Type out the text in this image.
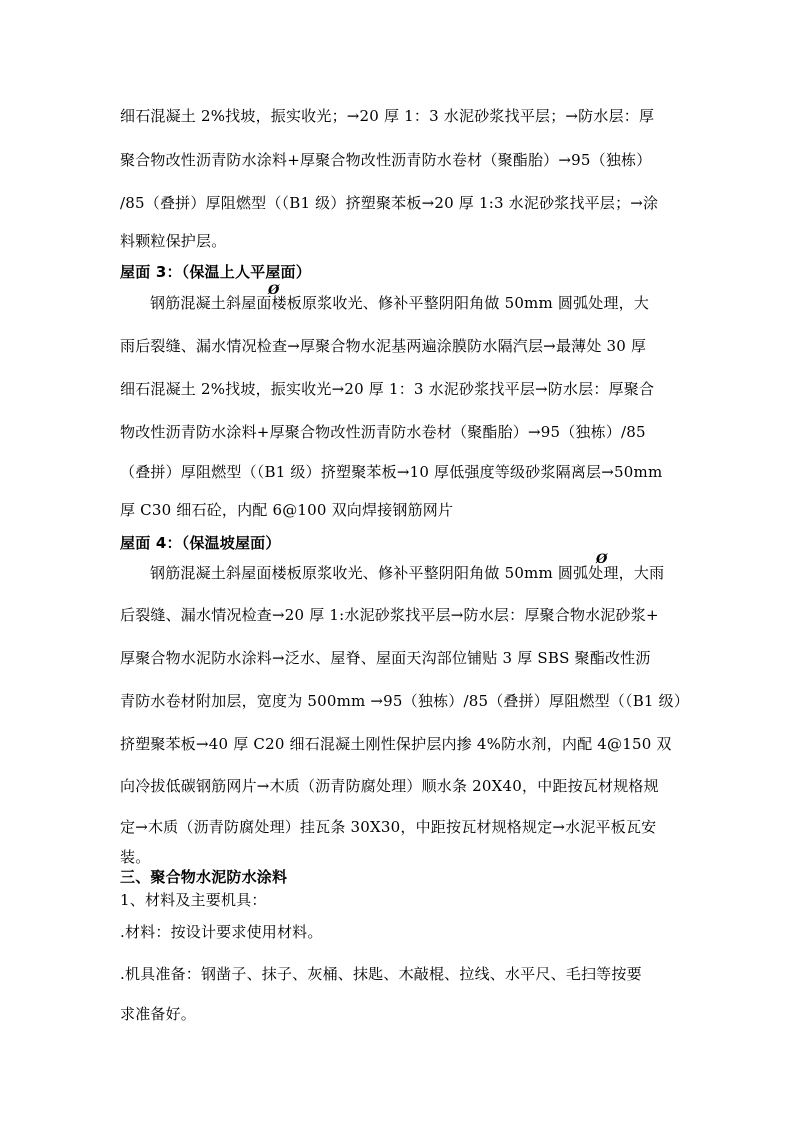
细石混凝土 2%找坡，振实收光；→20 厚 1：3 水泥砂浆找平层；→防水层：厚
聚合物改性沥青防水涂料+厚聚合物改性沥青防水卷材（聚酯胎）→95（独栋）
/85（叠拼）厚阻燃型（（B1 级）挤塑聚苯板→20 厚 1:3 水泥砂浆找平层；→涂
料颗粒保护层。
屋面 3：（保温上人平屋面）
Ø
钢筋混凝土斜屋面楼板原浆收光、修补平整阴阳角做 50mm 圆弧处理，大
雨后裂缝、漏水情况检查→厚聚合物水泥基两遍涂膜防水隔汽层→最薄处 30 厚
细石混凝土 2%找坡，振实收光→20 厚 1：3 水泥砂浆找平层→防水层：厚聚合
物改性沥青防水涂料+厚聚合物改性沥青防水卷材（聚酯胎）→95（独栋）/85
（叠拼）厚阻燃型（（B1 级）挤塑聚苯板→10 厚低强度等级砂浆隔离层→50mm
厚 C30 细石砼，内配 6@100 双向焊接钢筋网片
屋面 4：（保温坡屋面）
Ø
钢筋混凝土斜屋面楼板原浆收光、修补平整阴阳角做 50mm 圆弧处理，大雨
后裂缝、漏水情况检查→20 厚 1:水泥砂浆找平层→防水层：厚聚合物水泥砂浆+
厚聚合物水泥防水涂料→泛水、屋脊、屋面天沟部位铺贴 3 厚 SBS 聚酯改性沥
青防水卷材附加层，宽度为 500mm →95（独栋）/85（叠拼）厚阻燃型（（B1 级）
挤塑聚苯板→40 厚 C20 细石混凝土刚性保护层内掺 4%防水剂，内配 4@150 双
向冷拔低碳钢筋网片→木质（沥青防腐处理）顺水条 20X40，中距按瓦材规格规
定→木质（沥青防腐处理）挂瓦条 30X30，中距按瓦材规格规定→水泥平板瓦安
装。
三、聚合物水泥防水涂料
1、材料及主要机具：
.材料：按设计要求使用材料。
.机具准备：钢凿子、抹子、灰桶、抹匙、木敲棍、拉线、水平尺、毛扫等按要
求准备好。
